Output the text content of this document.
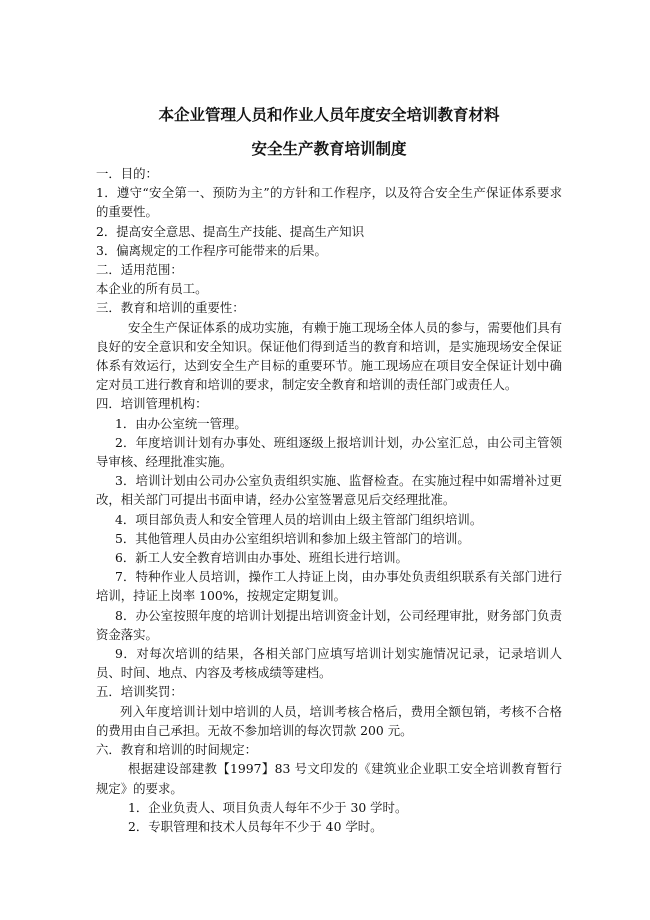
本企业管理人员和作业人员年度安全培训教育材料
安全生产教育培训制度

一．目的：

1．遵守“安全第一、预防为主”的方针和工作程序，以及符合安全生产保证体系要求的重要性。

2．提高安全意思、提高生产技能、提高生产知识

3．偏离规定的工作程序可能带来的后果。

二．适用范围：

本企业的所有员工。

三．教育和培训的重要性：

安全生产保证体系的成功实施，有赖于施工现场全体人员的参与，需要他们具有良好的安全意识和安全知识。保证他们得到适当的教育和培训，是实施现场安全保证体系有效运行，达到安全生产目标的重要环节。施工现场应在项目安全保证计划中确定对员工进行教育和培训的要求，制定安全教育和培训的责任部门或责任人。

四．培训管理机构：

1．由办公室统一管理。

2．年度培训计划有办事处、班组逐级上报培训计划，办公室汇总，由公司主管领导审核、经理批准实施。

3．培训计划由公司办公室负责组织实施、监督检查。在实施过程中如需增补过更改，相关部门可提出书面申请，经办公室签署意见后交经理批准。

4．项目部负责人和安全管理人员的培训由上级主管部门组织培训。

5．其他管理人员由办公室组织培训和参加上级主管部门的培训。

6．新工人安全教育培训由办事处、班组长进行培训。

7．特种作业人员培训，操作工人持证上岗，由办事处负责组织联系有关部门进行培训，持证上岗率 100%，按规定定期复训。

8．办公室按照年度的培训计划提出培训资金计划，公司经理审批，财务部门负责资金落实。

9．对每次培训的结果，各相关部门应填写培训计划实施情况记录，记录培训人员、时间、地点、内容及考核成绩等建档。

五．培训奖罚：

列入年度培训计划中培训的人员，培训考核合格后，费用全额包销，考核不合格的费用由自己承担。无故不参加培训的每次罚款 200 元。

六．教育和培训的时间规定：

根据建设部建教【1997】83 号文印发的《建筑业企业职工安全培训教育暂行规定》的要求。

1．企业负责人、项目负责人每年不少于 30 学时。

2．专职管理和技术人员每年不少于 40 学时。
